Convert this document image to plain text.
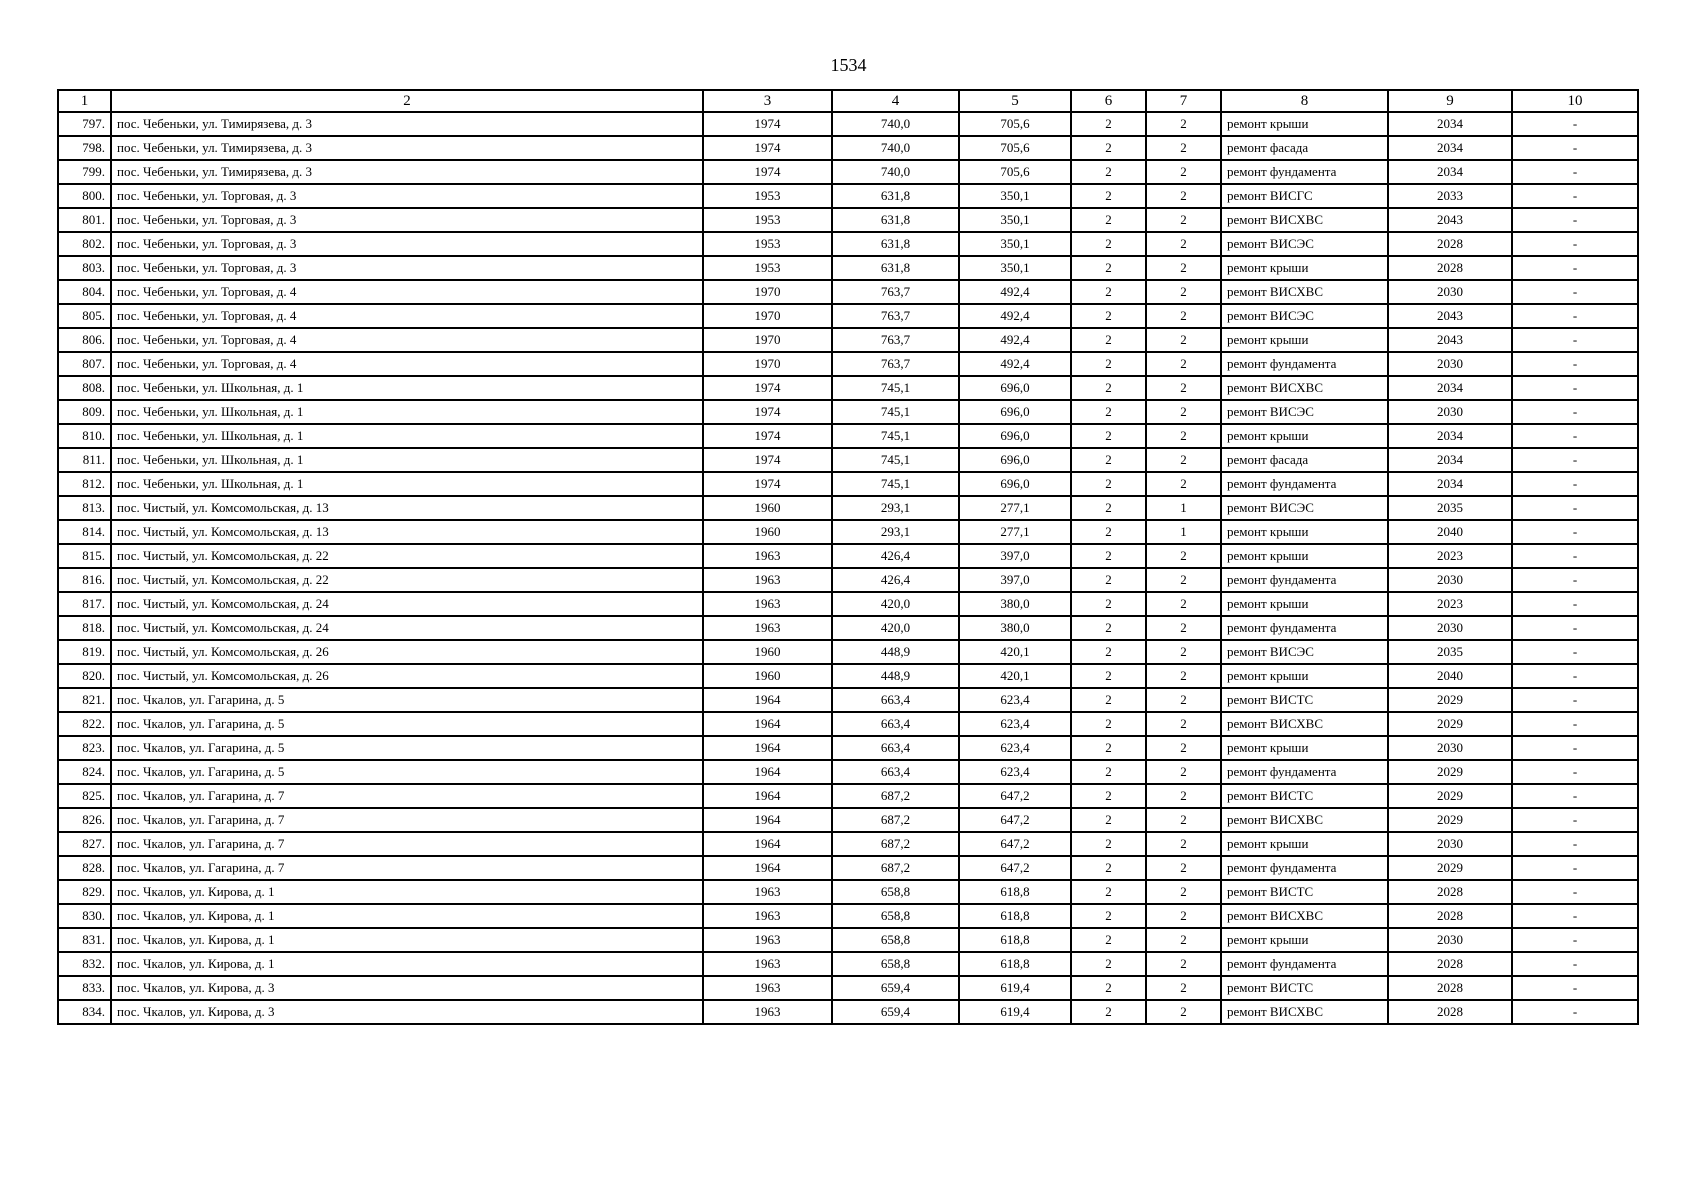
1534
1	2	3	4	5	6	7	8	9	10
797.	пос. Чебеньки, ул. Тимирязева, д. 3	1974	740,0	705,6	2	2	ремонт крыши	2034	-
798.	пос. Чебеньки, ул. Тимирязева, д. 3	1974	740,0	705,6	2	2	ремонт фасада	2034	-
799.	пос. Чебеньки, ул. Тимирязева, д. 3	1974	740,0	705,6	2	2	ремонт фундамента	2034	-
800.	пос. Чебеньки, ул. Торговая, д. 3	1953	631,8	350,1	2	2	ремонт ВИСГС	2033	-
801.	пос. Чебеньки, ул. Торговая, д. 3	1953	631,8	350,1	2	2	ремонт ВИСХВС	2043	-
802.	пос. Чебеньки, ул. Торговая, д. 3	1953	631,8	350,1	2	2	ремонт ВИСЭС	2028	-
803.	пос. Чебеньки, ул. Торговая, д. 3	1953	631,8	350,1	2	2	ремонт крыши	2028	-
804.	пос. Чебеньки, ул. Торговая, д. 4	1970	763,7	492,4	2	2	ремонт ВИСХВС	2030	-
805.	пос. Чебеньки, ул. Торговая, д. 4	1970	763,7	492,4	2	2	ремонт ВИСЭС	2043	-
806.	пос. Чебеньки, ул. Торговая, д. 4	1970	763,7	492,4	2	2	ремонт крыши	2043	-
807.	пос. Чебеньки, ул. Торговая, д. 4	1970	763,7	492,4	2	2	ремонт фундамента	2030	-
808.	пос. Чебеньки, ул. Школьная, д. 1	1974	745,1	696,0	2	2	ремонт ВИСХВС	2034	-
809.	пос. Чебеньки, ул. Школьная, д. 1	1974	745,1	696,0	2	2	ремонт ВИСЭС	2030	-
810.	пос. Чебеньки, ул. Школьная, д. 1	1974	745,1	696,0	2	2	ремонт крыши	2034	-
811.	пос. Чебеньки, ул. Школьная, д. 1	1974	745,1	696,0	2	2	ремонт фасада	2034	-
812.	пос. Чебеньки, ул. Школьная, д. 1	1974	745,1	696,0	2	2	ремонт фундамента	2034	-
813.	пос. Чистый, ул. Комсомольская, д. 13	1960	293,1	277,1	2	1	ремонт ВИСЭС	2035	-
814.	пос. Чистый, ул. Комсомольская, д. 13	1960	293,1	277,1	2	1	ремонт крыши	2040	-
815.	пос. Чистый, ул. Комсомольская, д. 22	1963	426,4	397,0	2	2	ремонт крыши	2023	-
816.	пос. Чистый, ул. Комсомольская, д. 22	1963	426,4	397,0	2	2	ремонт фундамента	2030	-
817.	пос. Чистый, ул. Комсомольская, д. 24	1963	420,0	380,0	2	2	ремонт крыши	2023	-
818.	пос. Чистый, ул. Комсомольская, д. 24	1963	420,0	380,0	2	2	ремонт фундамента	2030	-
819.	пос. Чистый, ул. Комсомольская, д. 26	1960	448,9	420,1	2	2	ремонт ВИСЭС	2035	-
820.	пос. Чистый, ул. Комсомольская, д. 26	1960	448,9	420,1	2	2	ремонт крыши	2040	-
821.	пос. Чкалов, ул. Гагарина, д. 5	1964	663,4	623,4	2	2	ремонт ВИСТС	2029	-
822.	пос. Чкалов, ул. Гагарина, д. 5	1964	663,4	623,4	2	2	ремонт ВИСХВС	2029	-
823.	пос. Чкалов, ул. Гагарина, д. 5	1964	663,4	623,4	2	2	ремонт крыши	2030	-
824.	пос. Чкалов, ул. Гагарина, д. 5	1964	663,4	623,4	2	2	ремонт фундамента	2029	-
825.	пос. Чкалов, ул. Гагарина, д. 7	1964	687,2	647,2	2	2	ремонт ВИСТС	2029	-
826.	пос. Чкалов, ул. Гагарина, д. 7	1964	687,2	647,2	2	2	ремонт ВИСХВС	2029	-
827.	пос. Чкалов, ул. Гагарина, д. 7	1964	687,2	647,2	2	2	ремонт крыши	2030	-
828.	пос. Чкалов, ул. Гагарина, д. 7	1964	687,2	647,2	2	2	ремонт фундамента	2029	-
829.	пос. Чкалов, ул. Кирова, д. 1	1963	658,8	618,8	2	2	ремонт ВИСТС	2028	-
830.	пос. Чкалов, ул. Кирова, д. 1	1963	658,8	618,8	2	2	ремонт ВИСХВС	2028	-
831.	пос. Чкалов, ул. Кирова, д. 1	1963	658,8	618,8	2	2	ремонт крыши	2030	-
832.	пос. Чкалов, ул. Кирова, д. 1	1963	658,8	618,8	2	2	ремонт фундамента	2028	-
833.	пос. Чкалов, ул. Кирова, д. 3	1963	659,4	619,4	2	2	ремонт ВИСТС	2028	-
834.	пос. Чкалов, ул. Кирова, д. 3	1963	659,4	619,4	2	2	ремонт ВИСХВС	2028	-
